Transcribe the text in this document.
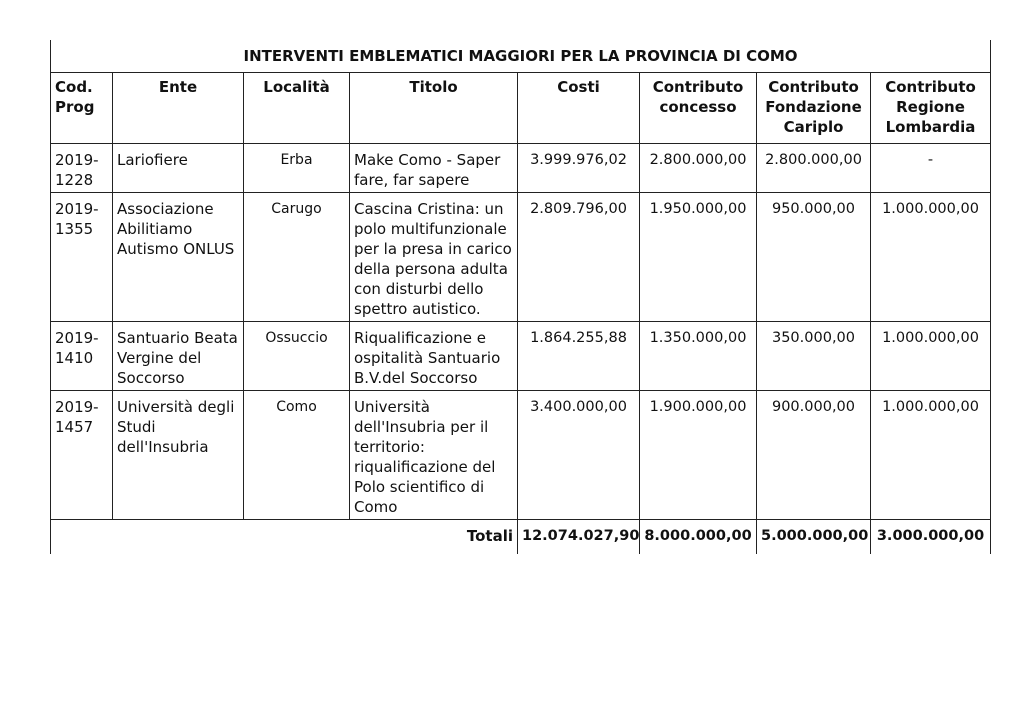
INTERVENTI EMBLEMATICI MAGGIORI PER LA PROVINCIA DI COMO							
Cod. Prog	Ente	Località	Titolo	Costi	Contributo concesso	Contributo Fondazione Cariplo	Contributo Regione Lombardia
2019-1228	Lariofiere	Erba	Make Como - Saper fare, far sapere	3.999.976,02	2.800.000,00	2.800.000,00	-
2019-1355	Associazione Abilitiamo Autismo ONLUS	Carugo	Cascina Cristina: un polo multifunzionale per la presa in carico della persona adulta con disturbi dello spettro autistico.	2.809.796,00	1.950.000,00	950.000,00	1.000.000,00
2019-1410	Santuario Beata Vergine del Soccorso	Ossuccio	Riqualificazione e ospitalità Santuario B.V.del Soccorso	1.864.255,88	1.350.000,00	350.000,00	1.000.000,00
2019-1457	Università degli Studi dell'Insubria	Como	Università dell'Insubria per il territorio: riqualificazione del Polo scientifico di Como	3.400.000,00	1.900.000,00	900.000,00	1.000.000,00
Totali				12.074.027,90	8.000.000,00	5.000.000,00	3.000.000,00
